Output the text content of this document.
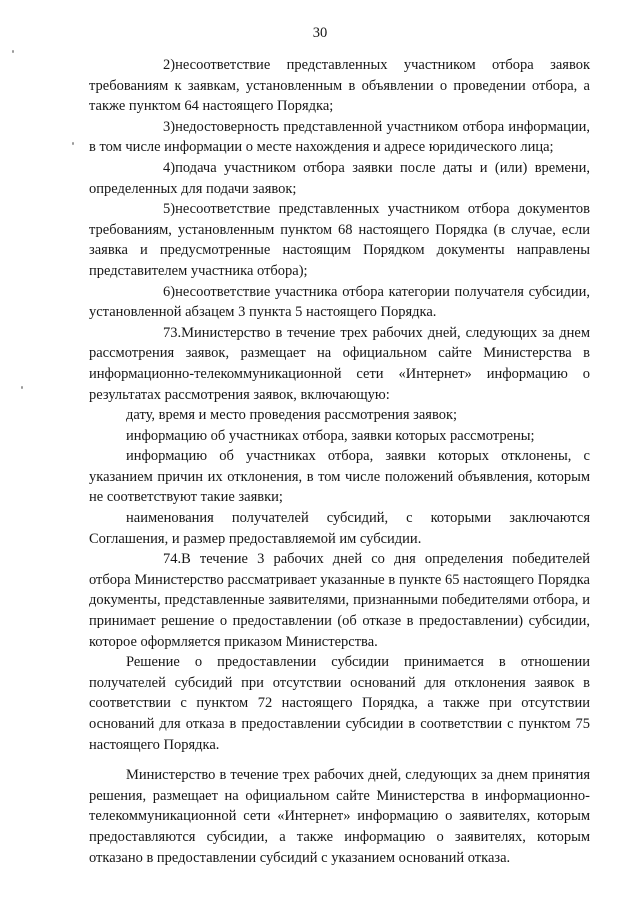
30

2)несоответствие представленных участником отбора заявок требованиям к заявкам, установленным в объявлении о проведении отбора, а также пунктом 64 настоящего Порядка;

3)недостоверность представленной участником отбора информации, в том числе информации о месте нахождения и адресе юридического лица;

4)подача участником отбора заявки после даты и (или) времени, определенных для подачи заявок;

5)несоответствие представленных участником отбора документов требованиям, установленным пунктом 68 настоящего Порядка (в случае, если заявка и предусмотренные настоящим Порядком документы направлены представителем участника отбора);

6)несоответствие участника отбора категории получателя субсидии, установленной абзацем 3 пункта 5 настоящего Порядка.

73.Министерство в течение трех рабочих дней, следующих за днем рассмотрения заявок, размещает на официальном сайте Министерства в информационно-телекоммуникационной сети «Интернет» информацию о результатах рассмотрения заявок, включающую:

дату, время и место проведения рассмотрения заявок;

информацию об участниках отбора, заявки которых рассмотрены;

информацию об участниках отбора, заявки которых отклонены, с указанием причин их отклонения, в том числе положений объявления, которым не соответствуют такие заявки;

наименования получателей субсидий, с которыми заключаются Соглашения, и размер предоставляемой им субсидии.

74.В течение 3 рабочих дней со дня определения победителей отбора Министерство рассматривает указанные в пункте 65 настоящего Порядка документы, представленные заявителями, признанными победителями отбора, и принимает решение о предоставлении (об отказе в предоставлении) субсидии, которое оформляется приказом Министерства.

Решение о предоставлении субсидии принимается в отношении получателей субсидий при отсутствии оснований для отклонения заявок в соответствии с пунктом 72 настоящего Порядка, а также при отсутствии оснований для отказа в предоставлении субсидии в соответствии с пунктом 75 настоящего Порядка.

Министерство в течение трех рабочих дней, следующих за днем принятия решения, размещает на официальном сайте Министерства в информационно-телекоммуникационной сети «Интернет» информацию о заявителях, которым предоставляются субсидии, а также информацию о заявителях, которым отказано в предоставлении субсидий с указанием оснований отказа.
